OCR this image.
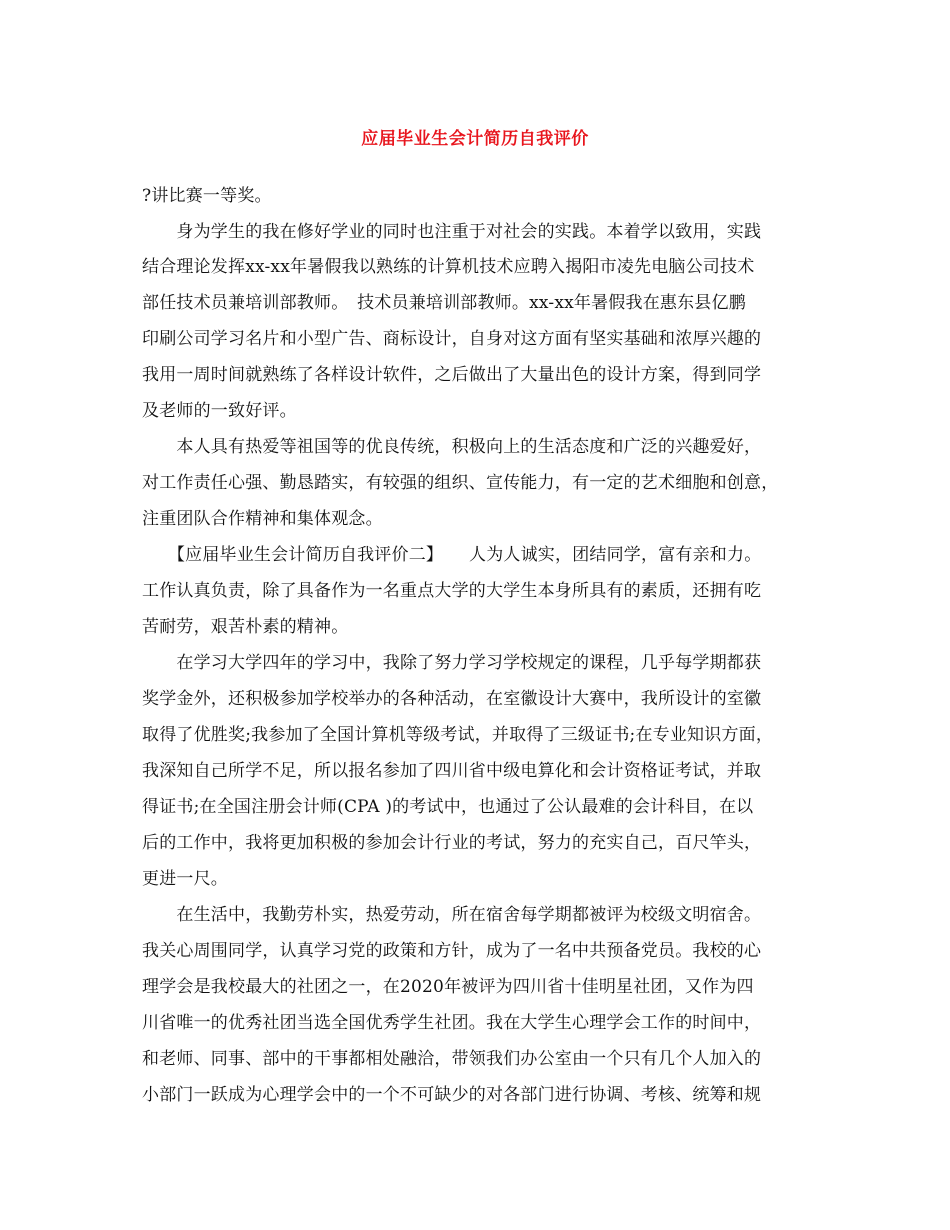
应届毕业生会计简历自我评价
?讲比赛一等奖。
　　身为学生的我在修好学业的同时也注重于对社会的实践。本着学以致用，实践
结合理论发挥xx-xx年暑假我以熟练的计算机技术应聘入揭阳市凌先电脑公司技术
部任技术员兼培训部教师。　技术员兼培训部教师。xx-xx年暑假我在惠东县亿鹏
印刷公司学习名片和小型广告、商标设计，自身对这方面有坚实基础和浓厚兴趣的
我用一周时间就熟练了各样设计软件，之后做出了大量出色的设计方案，得到同学
及老师的一致好评。
　　本人具有热爱等祖国等的优良传统，积极向上的生活态度和广泛的兴趣爱好，
对工作责任心强、勤恳踏实，有较强的组织、宣传能力，有一定的艺术细胞和创意，
注重团队合作精神和集体观念。
　　【应届毕业生会计简历自我评价二】　　人为人诚实，团结同学，富有亲和力。
工作认真负责，除了具备作为一名重点大学的大学生本身所具有的素质，还拥有吃
苦耐劳，艰苦朴素的精神。
　　在学习大学四年的学习中，我除了努力学习学校规定的课程，几乎每学期都获
奖学金外，还积极参加学校举办的各种活动，在室徽设计大赛中，我所设计的室徽
取得了优胜奖;我参加了全国计算机等级考试，并取得了三级证书;在专业知识方面，
我深知自己所学不足，所以报名参加了四川省中级电算化和会计资格证考试，并取
得证书;在全国注册会计师(CPA )的考试中，也通过了公认最难的会计科目，在以
后的工作中，我将更加积极的参加会计行业的考试，努力的充实自己，百尺竿头，
更进一尺。
　　在生活中，我勤劳朴实，热爱劳动，所在宿舍每学期都被评为校级文明宿舍。
我关心周围同学，认真学习党的政策和方针，成为了一名中共预备党员。我校的心
理学会是我校最大的社团之一，在2020年被评为四川省十佳明星社团，又作为四
川省唯一的优秀社团当选全国优秀学生社团。我在大学生心理学会工作的时间中，
和老师、同事、部中的干事都相处融洽，带领我们办公室由一个只有几个人加入的
小部门一跃成为心理学会中的一个不可缺少的对各部门进行协调、考核、统筹和规
